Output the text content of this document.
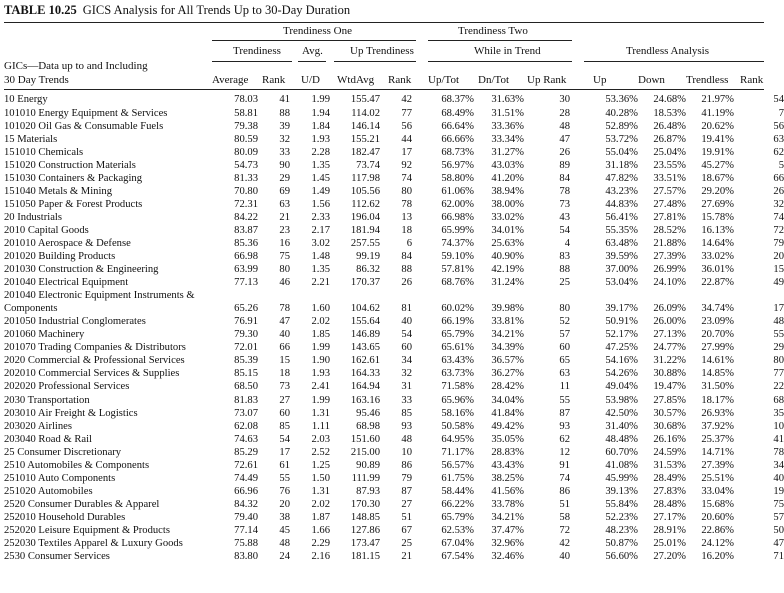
TABLE 10.25 GICS Analysis for All Trends Up to 30-Day Duration
Trendiness One	Trendiness Two
Trendiness Avg. Up Trendiness	While in Trend	Trendless Analysis
GICs—Data up to and Including
30 Day Trends	Average Rank U/D WtdAvg Rank Up/Tot Dn/Tot Up Rank Up	Down Trendless Rank
10 Energy	78.03	41	1.99	155.47	42	68.37%	31.63%	30	53.36%	24.68%	21.97%	54
101010 Energy Equipment & Services	58.81	88	1.94	114.02	77	68.49%	31.51%	28	40.28%	18.53%	41.19%	7
101020 Oil Gas & Consumable Fuels	79.38	39	1.84	146.14	56	66.64%	33.36%	48	52.89%	26.48%	20.62%	56
15 Materials	80.59	32	1.93	155.21	44	66.66%	33.34%	47	53.72%	26.87%	19.41%	63
151010 Chemicals	80.09	33	2.28	182.47	17	68.73%	31.27%	26	55.04%	25.04%	19.91%	62
151020 Construction Materials	54.73	90	1.35	73.74	92	56.97%	43.03%	89	31.18%	23.55%	45.27%	5
151030 Containers & Packaging	81.33	29	1.45	117.98	74	58.80%	41.20%	84	47.82%	33.51%	18.67%	66
151040 Metals & Mining	70.80	69	1.49	105.56	80	61.06%	38.94%	78	43.23%	27.57%	29.20%	26
151050 Paper & Forest Products	72.31	63	1.56	112.62	78	62.00%	38.00%	73	44.83%	27.48%	27.69%	32
20 Industrials	84.22	21	2.33	196.04	13	66.98%	33.02%	43	56.41%	27.81%	15.78%	74
2010 Capital Goods	83.87	23	2.17	181.94	18	65.99%	34.01%	54	55.35%	28.52%	16.13%	72
201010 Aerospace & Defense	85.36	16	3.02	257.55	6	74.37%	25.63%	4	63.48%	21.88%	14.64%	79
201020 Building Products	66.98	75	1.48	99.19	84	59.10%	40.90%	83	39.59%	27.39%	33.02%	20
201030 Construction & Engineering	63.99	80	1.35	86.32	88	57.81%	42.19%	88	37.00%	26.99%	36.01%	15
201040 Electrical Equipment	77.13	46	2.21	170.37	26	68.76%	31.24%	25	53.04%	24.10%	22.87%	49
201040 Electronic Equipment Instruments &												
Components	65.26	78	1.60	104.62	81	60.02%	39.98%	80	39.17%	26.09%	34.74%	17
201050 Industrial Conglomerates	76.91	47	2.02	155.64	40	66.19%	33.81%	52	50.91%	26.00%	23.09%	48
201060 Machinery	79.30	40	1.85	146.89	54	65.79%	34.21%	57	52.17%	27.13%	20.70%	55
201070 Trading Companies & Distributors	72.01	66	1.99	143.65	60	65.61%	34.39%	60	47.25%	24.77%	27.99%	29
2020 Commercial & Professional Services	85.39	15	1.90	162.61	34	63.43%	36.57%	65	54.16%	31.22%	14.61%	80
202010 Commercial Services & Supplies	85.15	18	1.93	164.33	32	63.73%	36.27%	63	54.26%	30.88%	14.85%	77
202020 Professional Services	68.50	73	2.41	164.94	31	71.58%	28.42%	11	49.04%	19.47%	31.50%	22
2030 Transportation	81.83	27	1.99	163.16	33	65.96%	34.04%	55	53.98%	27.85%	18.17%	68
203010 Air Freight & Logistics	73.07	60	1.31	95.46	85	58.16%	41.84%	87	42.50%	30.57%	26.93%	35
203020 Airlines	62.08	85	1.11	68.98	93	50.58%	49.42%	93	31.40%	30.68%	37.92%	10
203040 Road & Rail	74.63	54	2.03	151.60	48	64.95%	35.05%	62	48.48%	26.16%	25.37%	41
25 Consumer Discretionary	85.29	17	2.52	215.00	10	71.17%	28.83%	12	60.70%	24.59%	14.71%	78
2510 Automobiles & Components	72.61	61	1.25	90.89	86	56.57%	43.43%	91	41.08%	31.53%	27.39%	34
251010 Auto Components	74.49	55	1.50	111.99	79	61.75%	38.25%	74	45.99%	28.49%	25.51%	40
251020 Automobiles	66.96	76	1.31	87.93	87	58.44%	41.56%	86	39.13%	27.83%	33.04%	19
2520 Consumer Durables & Apparel	84.32	20	2.02	170.30	27	66.22%	33.78%	51	55.84%	28.48%	15.68%	75
252010 Household Durables	79.40	38	1.87	148.85	51	65.79%	34.21%	58	52.23%	27.17%	20.60%	57
252020 Leisure Equipment & Products	77.14	45	1.66	127.86	67	62.53%	37.47%	72	48.23%	28.91%	22.86%	50
252030 Textiles Apparel & Luxury Goods	75.88	48	2.29	173.47	25	67.04%	32.96%	42	50.87%	25.01%	24.12%	47
2530 Consumer Services	83.80	24	2.16	181.15	21	67.54%	32.46%	40	56.60%	27.20%	16.20%	71
